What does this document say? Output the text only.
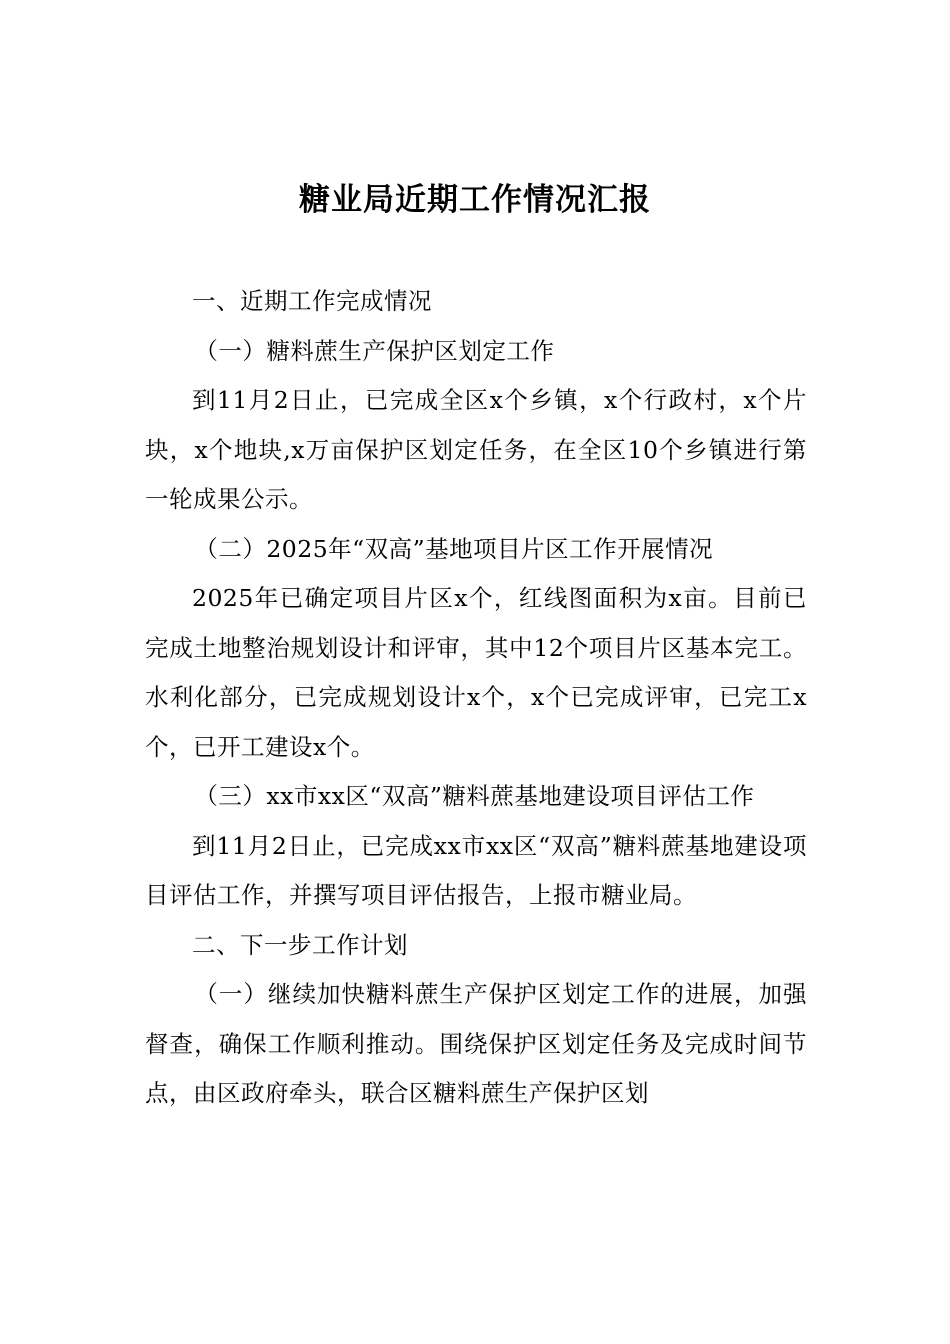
糖业局近期工作情况汇报

一、近期工作完成情况

（一）糖料蔗生产保护区划定工作

到11月2日止，已完成全区x个乡镇，x个行政村，x个片块，x个地块,x万亩保护区划定任务，在全区10个乡镇进行第一轮成果公示。

（二）2025年“双高”基地项目片区工作开展情况

2025年已确定项目片区x个，红线图面积为x亩。目前已完成土地整治规划设计和评审，其中12个项目片区基本完工。水利化部分，已完成规划设计x个，x个已完成评审，已完工x个，已开工建设x个。

（三）xx市xx区“双高”糖料蔗基地建设项目评估工作

到11月2日止，已完成xx市xx区“双高”糖料蔗基地建设项目评估工作，并撰写项目评估报告，上报市糖业局。

二、下一步工作计划

（一）继续加快糖料蔗生产保护区划定工作的进展，加强督查，确保工作顺利推动。围绕保护区划定任务及完成时间节点，由区政府牵头，联合区糖料蔗生产保护区划
